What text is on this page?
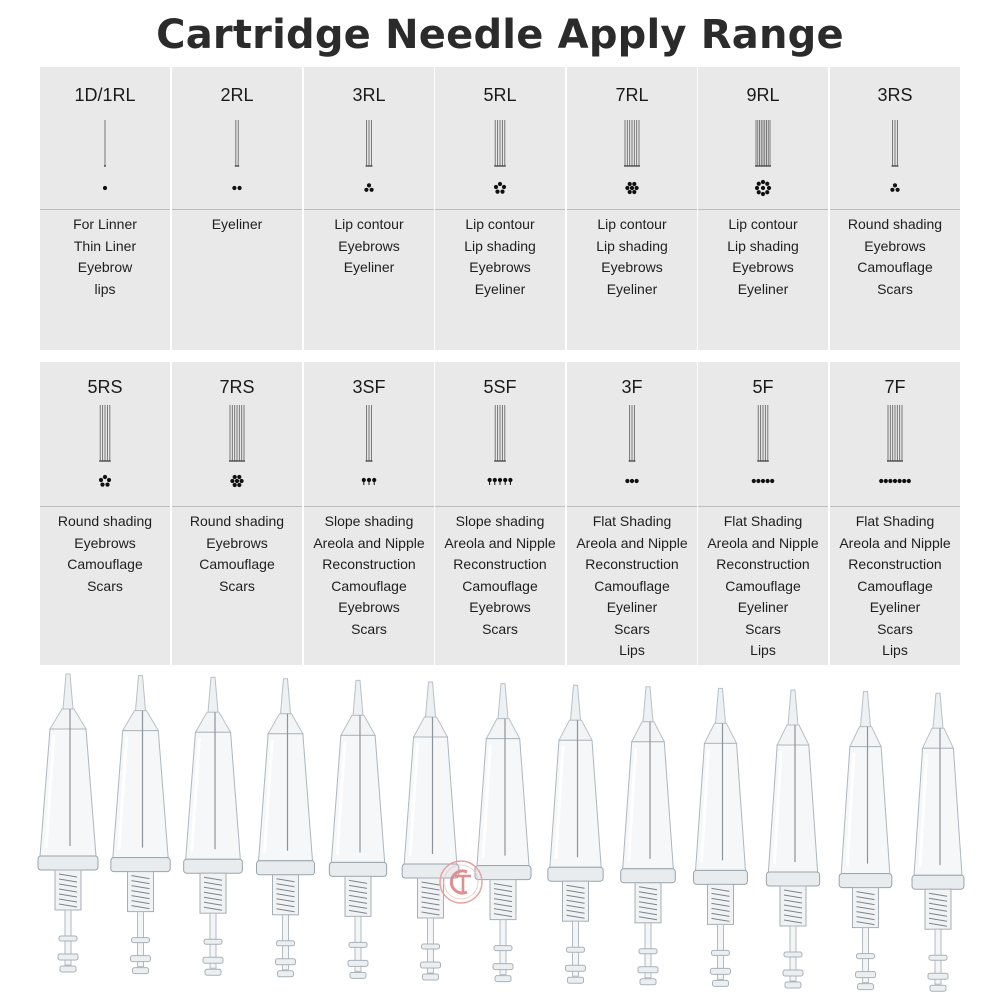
Cartridge Needle Apply Range
1D/1RL
For Linner
Thin Liner
Eyebrow
lips
2RL
Eyeliner
3RL
Lip contour
Eyebrows
Eyeliner
5RL
Lip contour
Lip shading
Eyebrows
Eyeliner
7RL
Lip contour
Lip shading
Eyebrows
Eyeliner
9RL
Lip contour
Lip shading
Eyebrows
Eyeliner
3RS
Round shading
Eyebrows
Camouflage
Scars
5RS
Round shading
Eyebrows
Camouflage
Scars
7RS
Round shading
Eyebrows
Camouflage
Scars
3SF
Slope shading
Areola and Nipple
Reconstruction
Camouflage
Eyebrows
Scars
5SF
Slope shading
Areola and Nipple
Reconstruction
Camouflage
Eyebrows
Scars
3F
Flat Shading
Areola and Nipple
Reconstruction
Camouflage
Eyeliner
Scars
Lips
5F
Flat Shading
Areola and Nipple
Reconstruction
Camouflage
Eyeliner
Scars
Lips
7F
Flat Shading
Areola and Nipple
Reconstruction
Camouflage
Eyeliner
Scars
Lips
